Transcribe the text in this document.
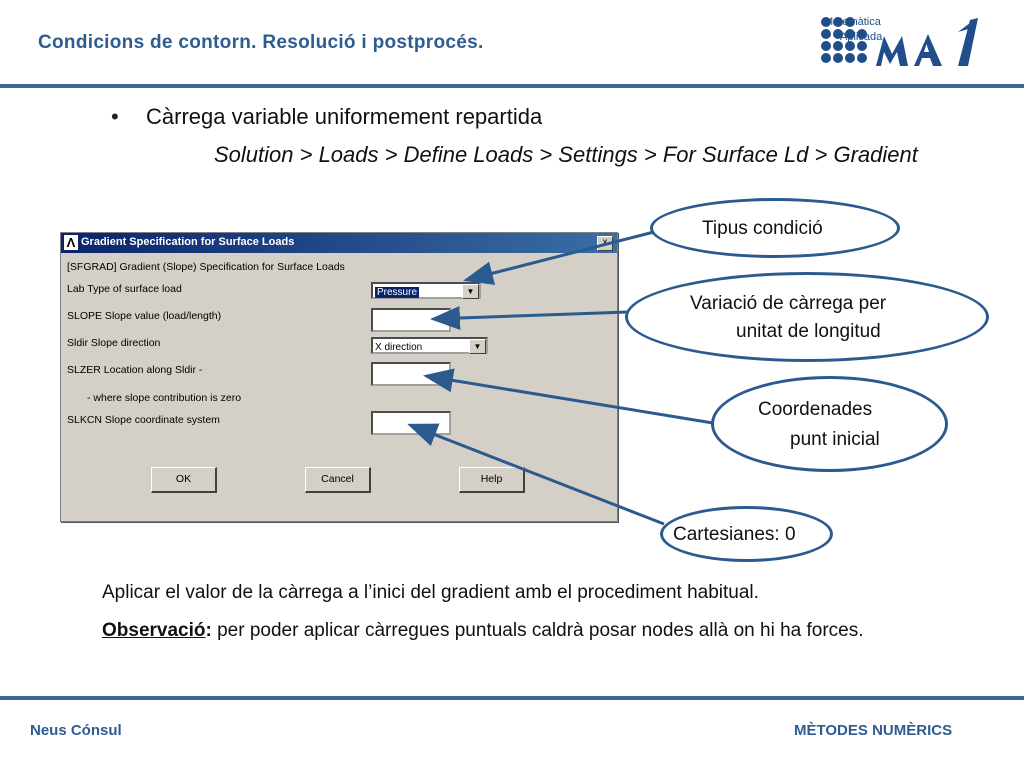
Condicions de contorn. Resolució i postprocés.
Matemàtica
Aplicada
• Càrrega variable uniformement repartida
Solution > Loads > Define Loads > Settings > For Surface Ld > Gradient
Λ Gradient Specification for Surface Loads	x
[SFGRAD] Gradient (Slope) Specification for Surface Loads
Lab Type of surface load	Pressure	▼
SLOPE Slope value (load/length)
Sldir Slope direction	X direction	▼
SLZER Location along Sldir -
- where slope contribution is zero
SLKCN Slope coordinate system
OK	Cancel	Help
Tipus condició
Variació de càrrega per
unitat de longitud
Coordenades
punt inicial
Cartesianes: 0
Aplicar el valor de la càrrega a l’inici del gradient amb el procediment habitual.
Observació: per poder aplicar càrregues puntuals caldrà posar nodes allà on hi ha forces.
Neus Cónsul	MÈTODES NUMÈRICS
